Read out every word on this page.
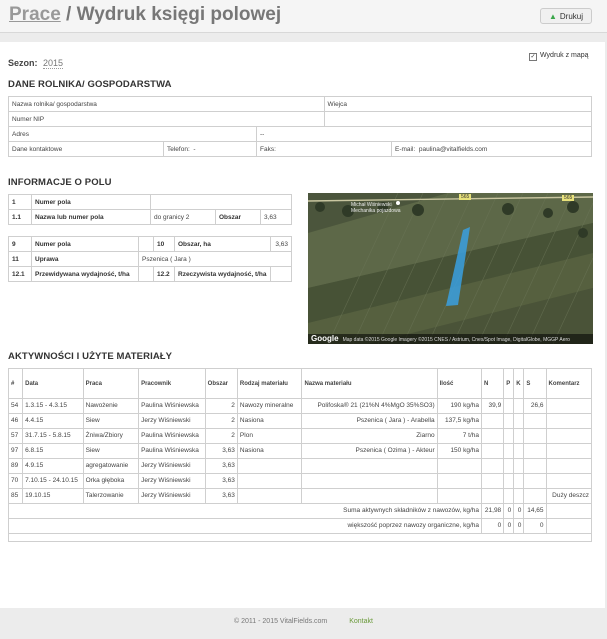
Prace / Wydruk księgi polowej	▲ Drukuj
Sezon: 2015
✓ Wydruk z mapą
DANE ROLNIKA/ GOSPODARSTWA
Nazwa rolnika/ gospodarstwa			Wiejca	
Numer NIP				
Adres		--		
Dane kontaktowe	Telefon: -	Faks:		E-mail: paulina@vitalfields.com
INFORMACJE O POLU
1	Numer pola			
1.1	Nazwa lub numer pola	do granicy 2	Obszar	3,63
9	Numer pola		10	Obszar, ha	3,63
11	Uprawa	Pszenica ( Jara )			
12.1	Przewidywana wydajność, t/ha		12.2	Rzeczywista wydajność, t/ha	
Michał Wiśniewski
Mechanika pojazdowa
565	565
Google Map data ©2015 Google Imagery ©2015 CNES / Astrium, Cnes/Spot Image, DigitalGlobe, MGGP Aero
AKTYWNOŚCI I UŻYTE MATERIAŁY
#	Data	Praca	Pracownik	Obszar	Rodzaj materiału	Nazwa materiału	Ilość	N	P	K	S	Komentarz
54	1.3.15 - 4.3.15	Nawożenie	Paulina Wiśniewska	2	Nawozy mineralne	Polifoska® 21 (21%N 4%MgO 35%SO3)	190 kg/ha	39,9			26,6	
46	4.4.15	Siew	Jerzy Wiśniewski	2	Nasiona	Pszenica ( Jara ) - Arabella	137,5 kg/ha					
57	31.7.15 - 5.8.15	Żniwa/Zbiory	Paulina Wiśniewska	2	Plon	Ziarno	7 t/ha					
97	6.8.15	Siew	Paulina Wiśniewska	3,63	Nasiona	Pszenica ( Ozima ) - Akteur	150 kg/ha					
89	4.9.15	agregatowanie	Jerzy Wiśniewski	3,63								
70	7.10.15 - 24.10.15	Orka głęboka	Jerzy Wiśniewski	3,63								
85	19.10.15	Talerzowanie	Jerzy Wiśniewski	3,63								Duży deszcz
Suma aktywnych składników z nawozów, kg/ha								21,98	0	0	14,65	
większość poprzez nawozy organiczne, kg/ha								0	0	0	0	

© 2011 - 2015 VitalFields.com	Kontakt
